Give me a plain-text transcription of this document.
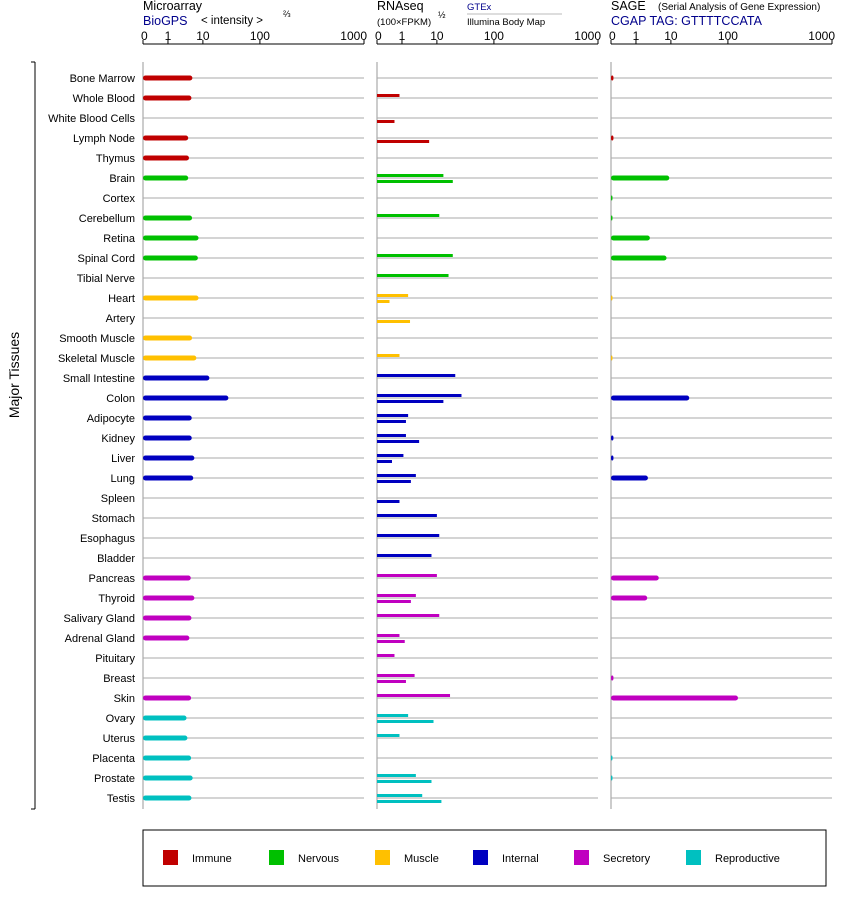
Microarray
BioGPS < intensity >
⅔
RNAseq
(100×FPKM)
½
GTEx
Illumina Body Map
SAGE (Serial Analysis of Gene Expression)
CGAP TAG: GTTTTCCATA
Major Tissues
Bone Marrow
Whole Blood
White Blood Cells
Lymph Node
Thymus
Brain
Cortex
Cerebellum
Retina
Spinal Cord
Tibial Nerve
Heart
Artery
Smooth Muscle
Skeletal Muscle
Small Intestine
Colon
Adipocyte
Kidney
Liver
Lung
Spleen
Stomach
Esophagus
Bladder
Pancreas
Thyroid
Salivary Gland
Adrenal Gland
Pituitary
Breast
Skin
Ovary
Uterus
Placenta
Prostate
Testis
0 1 10	100	1000 0 1 10	100	1000 0 1 10	100	1000
Immune	Nervous	Muscle	Internal	Secretory	Reproductive
